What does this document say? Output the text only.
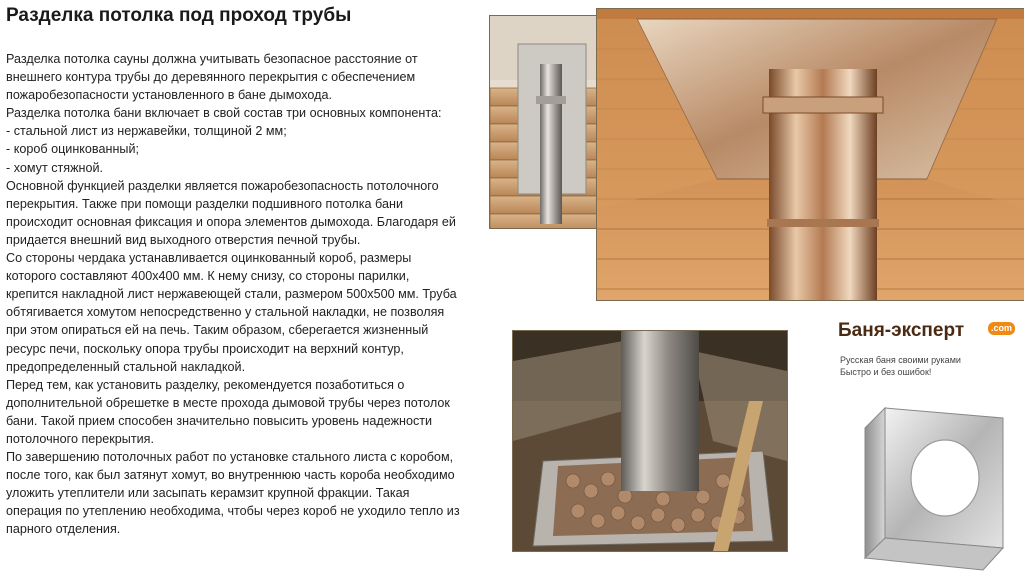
Разделка потолка под проход трубы
Разделка потолка сауны должна учитывать безопасное расстояние от
внешнего контура трубы до деревянного перекрытия с обеспечением
пожаробезопасности установленного в бане дымохода.
Разделка потолка бани включает в свой состав три основных компонента:
- стальной лист из нержавейки, толщиной 2 мм;
- короб оцинкованный;
- хомут стяжной.
Основной функцией разделки является пожаробезопасность потолочного
перекрытия. Также при помощи разделки подшивного потолка бани
происходит основная фиксация и опора элементов дымохода. Благодаря ей
придается внешний вид выходного отверстия печной трубы.
Со стороны чердака устанавливается оцинкованный короб, размеры
которого составляют 400х400 мм. К нему снизу, со стороны парилки,
крепится накладной лист нержавеющей стали, размером 500х500 мм. Труба
обтягивается хомутом непосредственно у стальной накладки, не позволяя
при этом опираться ей на печь. Таким образом, сберегается жизненный
ресурс печи, поскольку опора трубы происходит на верхний контур,
предопределенный стальной накладкой.
Перед тем, как установить разделку, рекомендуется позаботиться о
дополнительной обрешетке в месте прохода дымовой трубы через потолок
бани. Такой прием способен значительно повысить уровень надежности
потолочного перекрытия.
По завершению потолочных работ по установке стального листа с коробом,
после того, как был затянут хомут, во внутреннюю часть короба необходимо
уложить утеплители или засыпать керамзит крупной фракции. Такая
операция по утеплению необходима, чтобы через короб не уходило тепло из
парного отделения.
Баня-эксперт	.com
Русская баня своими руками
Быстро и без ошибок!
